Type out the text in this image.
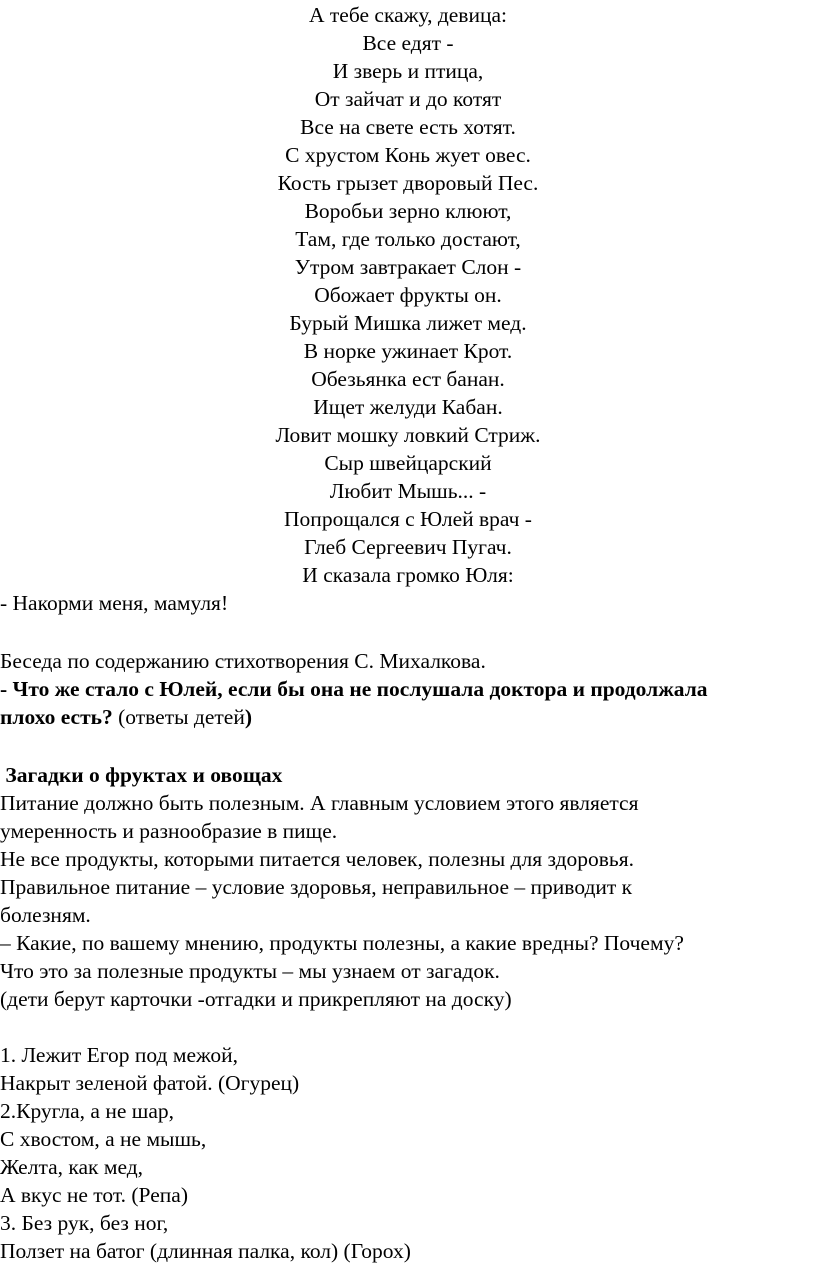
А тебе скажу, девица:
Все едят -
И зверь и птица,
От зайчат и до котят
Все на свете есть хотят.
С хрустом Конь жует овес.
Кость грызет дворовый Пес.
Воробьи зерно клюют,
Там, где только достают,
Утром завтракает Слон -
Обожает фрукты он.
Бурый Мишка лижет мед.
В норке ужинает Крот.
Обезьянка ест банан.
Ищет желуди Кабан.
Ловит мошку ловкий Стриж.
Сыр швейцарский
Любит Мышь... -
Попрощался с Юлей врач -
Глеб Сергеевич Пугач.
И сказала громко Юля:
- Накорми меня, мамуля!
Беседа по содержанию стихотворения С. Михалкова.
- Что же стало с Юлей, если бы она не послушала доктора и продолжала
плохо есть? (ответы детей)
Загадки о фруктах и овощах
Питание должно быть полезным. А главным условием этого является
умеренность и разнообразие в пище.
Не все продукты, которыми питается человек, полезны для здоровья.
Правильное питание – условие здоровья, неправильное – приводит к
болезням.
– Какие, по вашему мнению, продукты полезны, а какие вредны? Почему?
Что это за полезные продукты – мы узнаем от загадок.
(дети берут карточки -отгадки и прикрепляют на доску)
1. Лежит Егор под межой,
Накрыт зеленой фатой. (Огурец)
2.Кругла, а не шар,
С хвостом, а не мышь,
Желта, как мед,
А вкус не тот. (Репа)
3. Без рук, без ног,
Ползет на батог (длинная палка, кол) (Горох)
